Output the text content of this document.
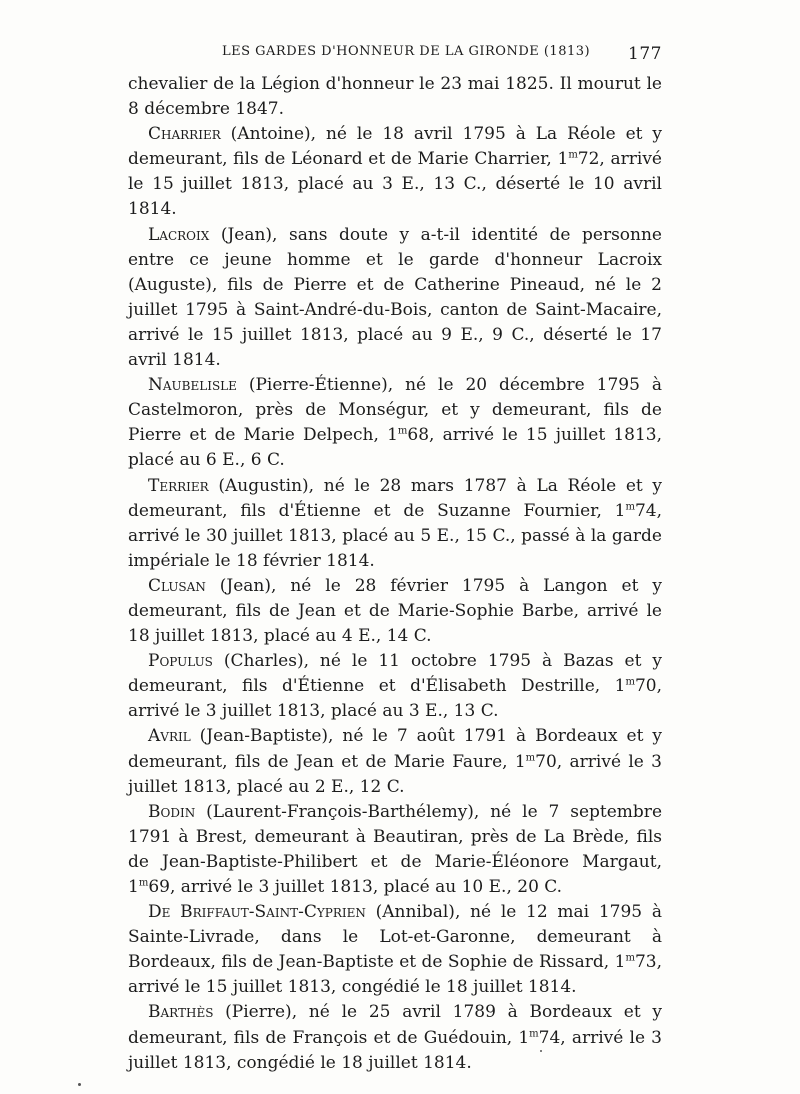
LES GARDES D'HONNEUR DE LA GIRONDE (1813) 177

chevalier de la Légion d'honneur le 23 mai 1825. Il mourut le 8 décembre 1847.

Charrier (Antoine), né le 18 avril 1795 à La Réole et y demeurant, fils de Léonard et de Marie Charrier, 1$^m$72, arrivé le 15 juillet 1813, placé au 3 E., 13 C., déserté le 10 avril 1814.

Lacroix (Jean), sans doute y a-t-il identité de personne entre ce jeune homme et le garde d'honneur Lacroix (Auguste), fils de Pierre et de Catherine Pineaud, né le 2 juillet 1795 à Saint-André-du-Bois, canton de Saint-Macaire, arrivé le 15 juillet 1813, placé au 9 E., 9 C., déserté le 17 avril 1814.

Naubelisle (Pierre-Étienne), né le 20 décembre 1795 à Castelmoron, près de Monségur, et y demeurant, fils de Pierre et de Marie Delpech, 1$^m$68, arrivé le 15 juillet 1813, placé au 6 E., 6 C.

Terrier (Augustin), né le 28 mars 1787 à La Réole et y demeurant, fils d'Étienne et de Suzanne Fournier, 1$^m$74, arrivé le 30 juillet 1813, placé au 5 E., 15 C., passé à la garde impériale le 18 février 1814.

Clusan (Jean), né le 28 février 1795 à Langon et y demeurant, fils de Jean et de Marie-Sophie Barbe, arrivé le 18 juillet 1813, placé au 4 E., 14 C.

Populus (Charles), né le 11 octobre 1795 à Bazas et y demeurant, fils d'Étienne et d'Élisabeth Destrille, 1$^m$70, arrivé le 3 juillet 1813, placé au 3 E., 13 C.

Avril (Jean-Baptiste), né le 7 août 1791 à Bordeaux et y demeurant, fils de Jean et de Marie Faure, 1$^m$70, arrivé le 3 juillet 1813, placé au 2 E., 12 C.

Bodin (Laurent-François-Barthélemy), né le 7 septembre 1791 à Brest, demeurant à Beautiran, près de La Brède, fils de Jean-Baptiste-Philibert et de Marie-Éléonore Margaut, 1$^m$69, arrivé le 3 juillet 1813, placé au 10 E., 20 C.

De Briffaut-Saint-Cyprien (Annibal), né le 12 mai 1795 à Sainte-Livrade, dans le Lot-et-Garonne, demeurant à Bordeaux, fils de Jean-Baptiste et de Sophie de Rissard, 1$^m$73, arrivé le 15 juillet 1813, congédié le 18 juillet 1814.

Barthès (Pierre), né le 25 avril 1789 à Bordeaux et y demeurant, fils de François et de Guédouin, 1$^m$74, arrivé le 3 juillet 1813, congédié le 18 juillet 1814.
